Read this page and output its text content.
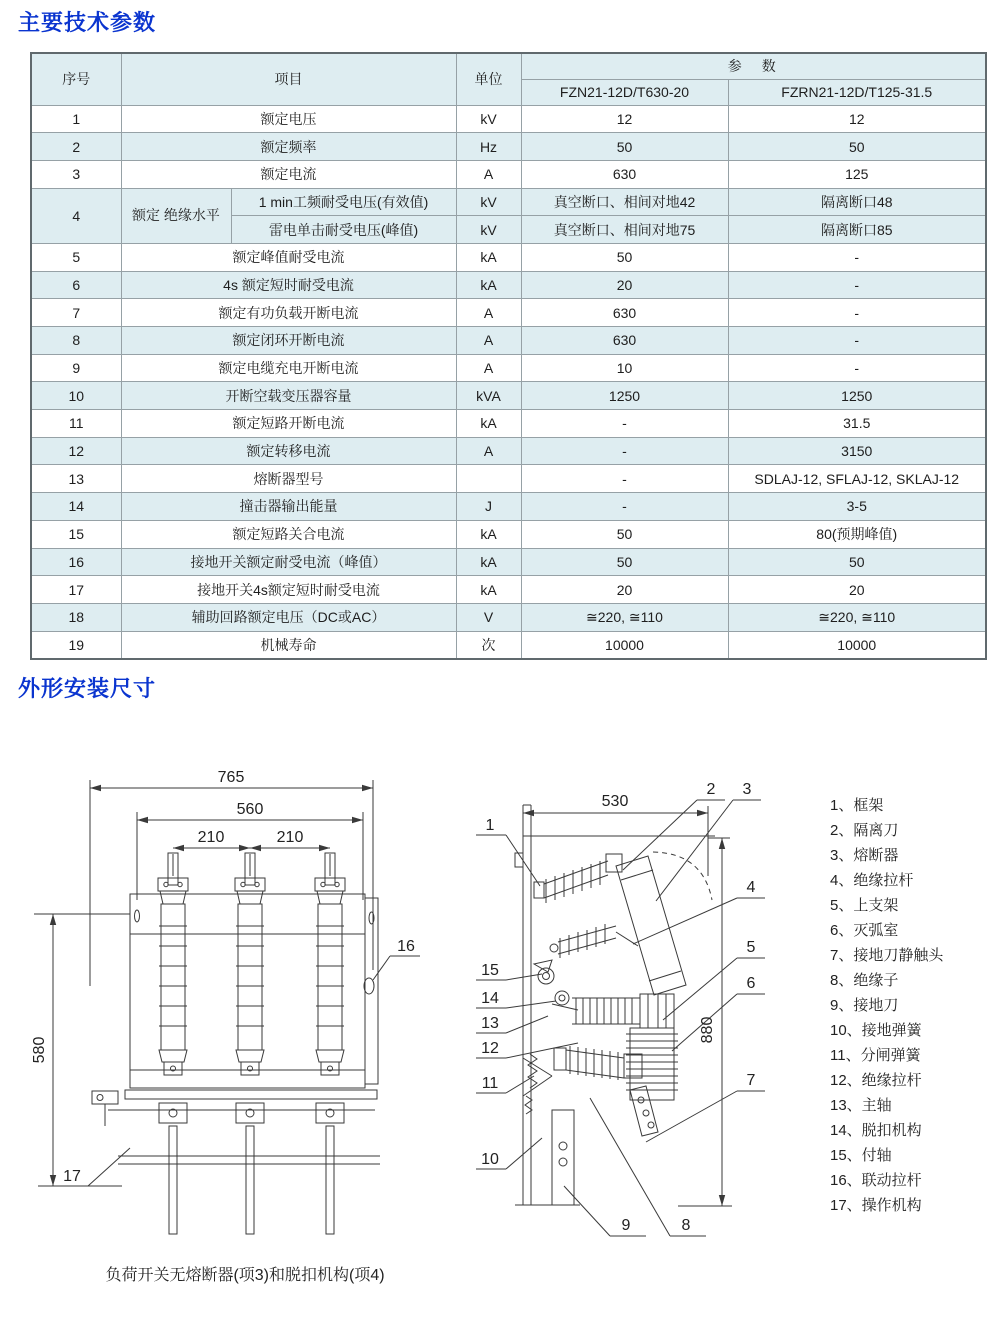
主要技术参数
外形安装尺寸
序号	项目		单位	参　数	
				FZN21-12D/T630-20	FZRN21-12D/T125-31.5
1	额定电压		kV	12	12
2	额定频率		Hz	50	50
3	额定电流		A	630	125
4	额定 绝缘水平	1 min工频耐受电压(有效值)	kV	真空断口、相间对地42	隔离断口48
		雷电单击耐受电压(峰值)	kV	真空断口、相间对地75	隔离断口85
5	额定峰值耐受电流		kA	50	-
6	4s 额定短时耐受电流		kA	20	-
7	额定有功负载开断电流		A	630	-
8	额定闭环开断电流		A	630	-
9	额定电缆充电开断电流		A	10	-
10	开断空载变压器容量		kVA	1250	1250
11	额定短路开断电流		kA	-	31.5
12	额定转移电流		A	-	3150
13	熔断器型号			-	SDLAJ-12, SFLAJ-12, SKLAJ-12
14	撞击器输出能量		J	-	3-5
15	额定短路关合电流		kA	50	80(预期峰值)
16	接地开关额定耐受电流（峰值）		kA	50	50
17	接地开关4s额定短时耐受电流		kA	20	20
18	辅助回路额定电压（DC或AC）		V	≅220, ≅110	≅220, ≅110
19	机械寿命		次	10000	10000
765
560
210	210
580
16
17
530
880
1
2 3
4
5
6
7
8
9
10
11
12
13
14
15
1、框架
2、隔离刀
3、熔断器
4、绝缘拉杆
5、上支架
6、灭弧室
7、接地刀静触头
8、绝缘子
9、接地刀
10、接地弹簧
11、分闸弹簧
12、绝缘拉杆
13、主轴
14、脱扣机构
15、付轴
16、联动拉杆
17、操作机构
负荷开关无熔断器(项3)和脱扣机构(项4)
